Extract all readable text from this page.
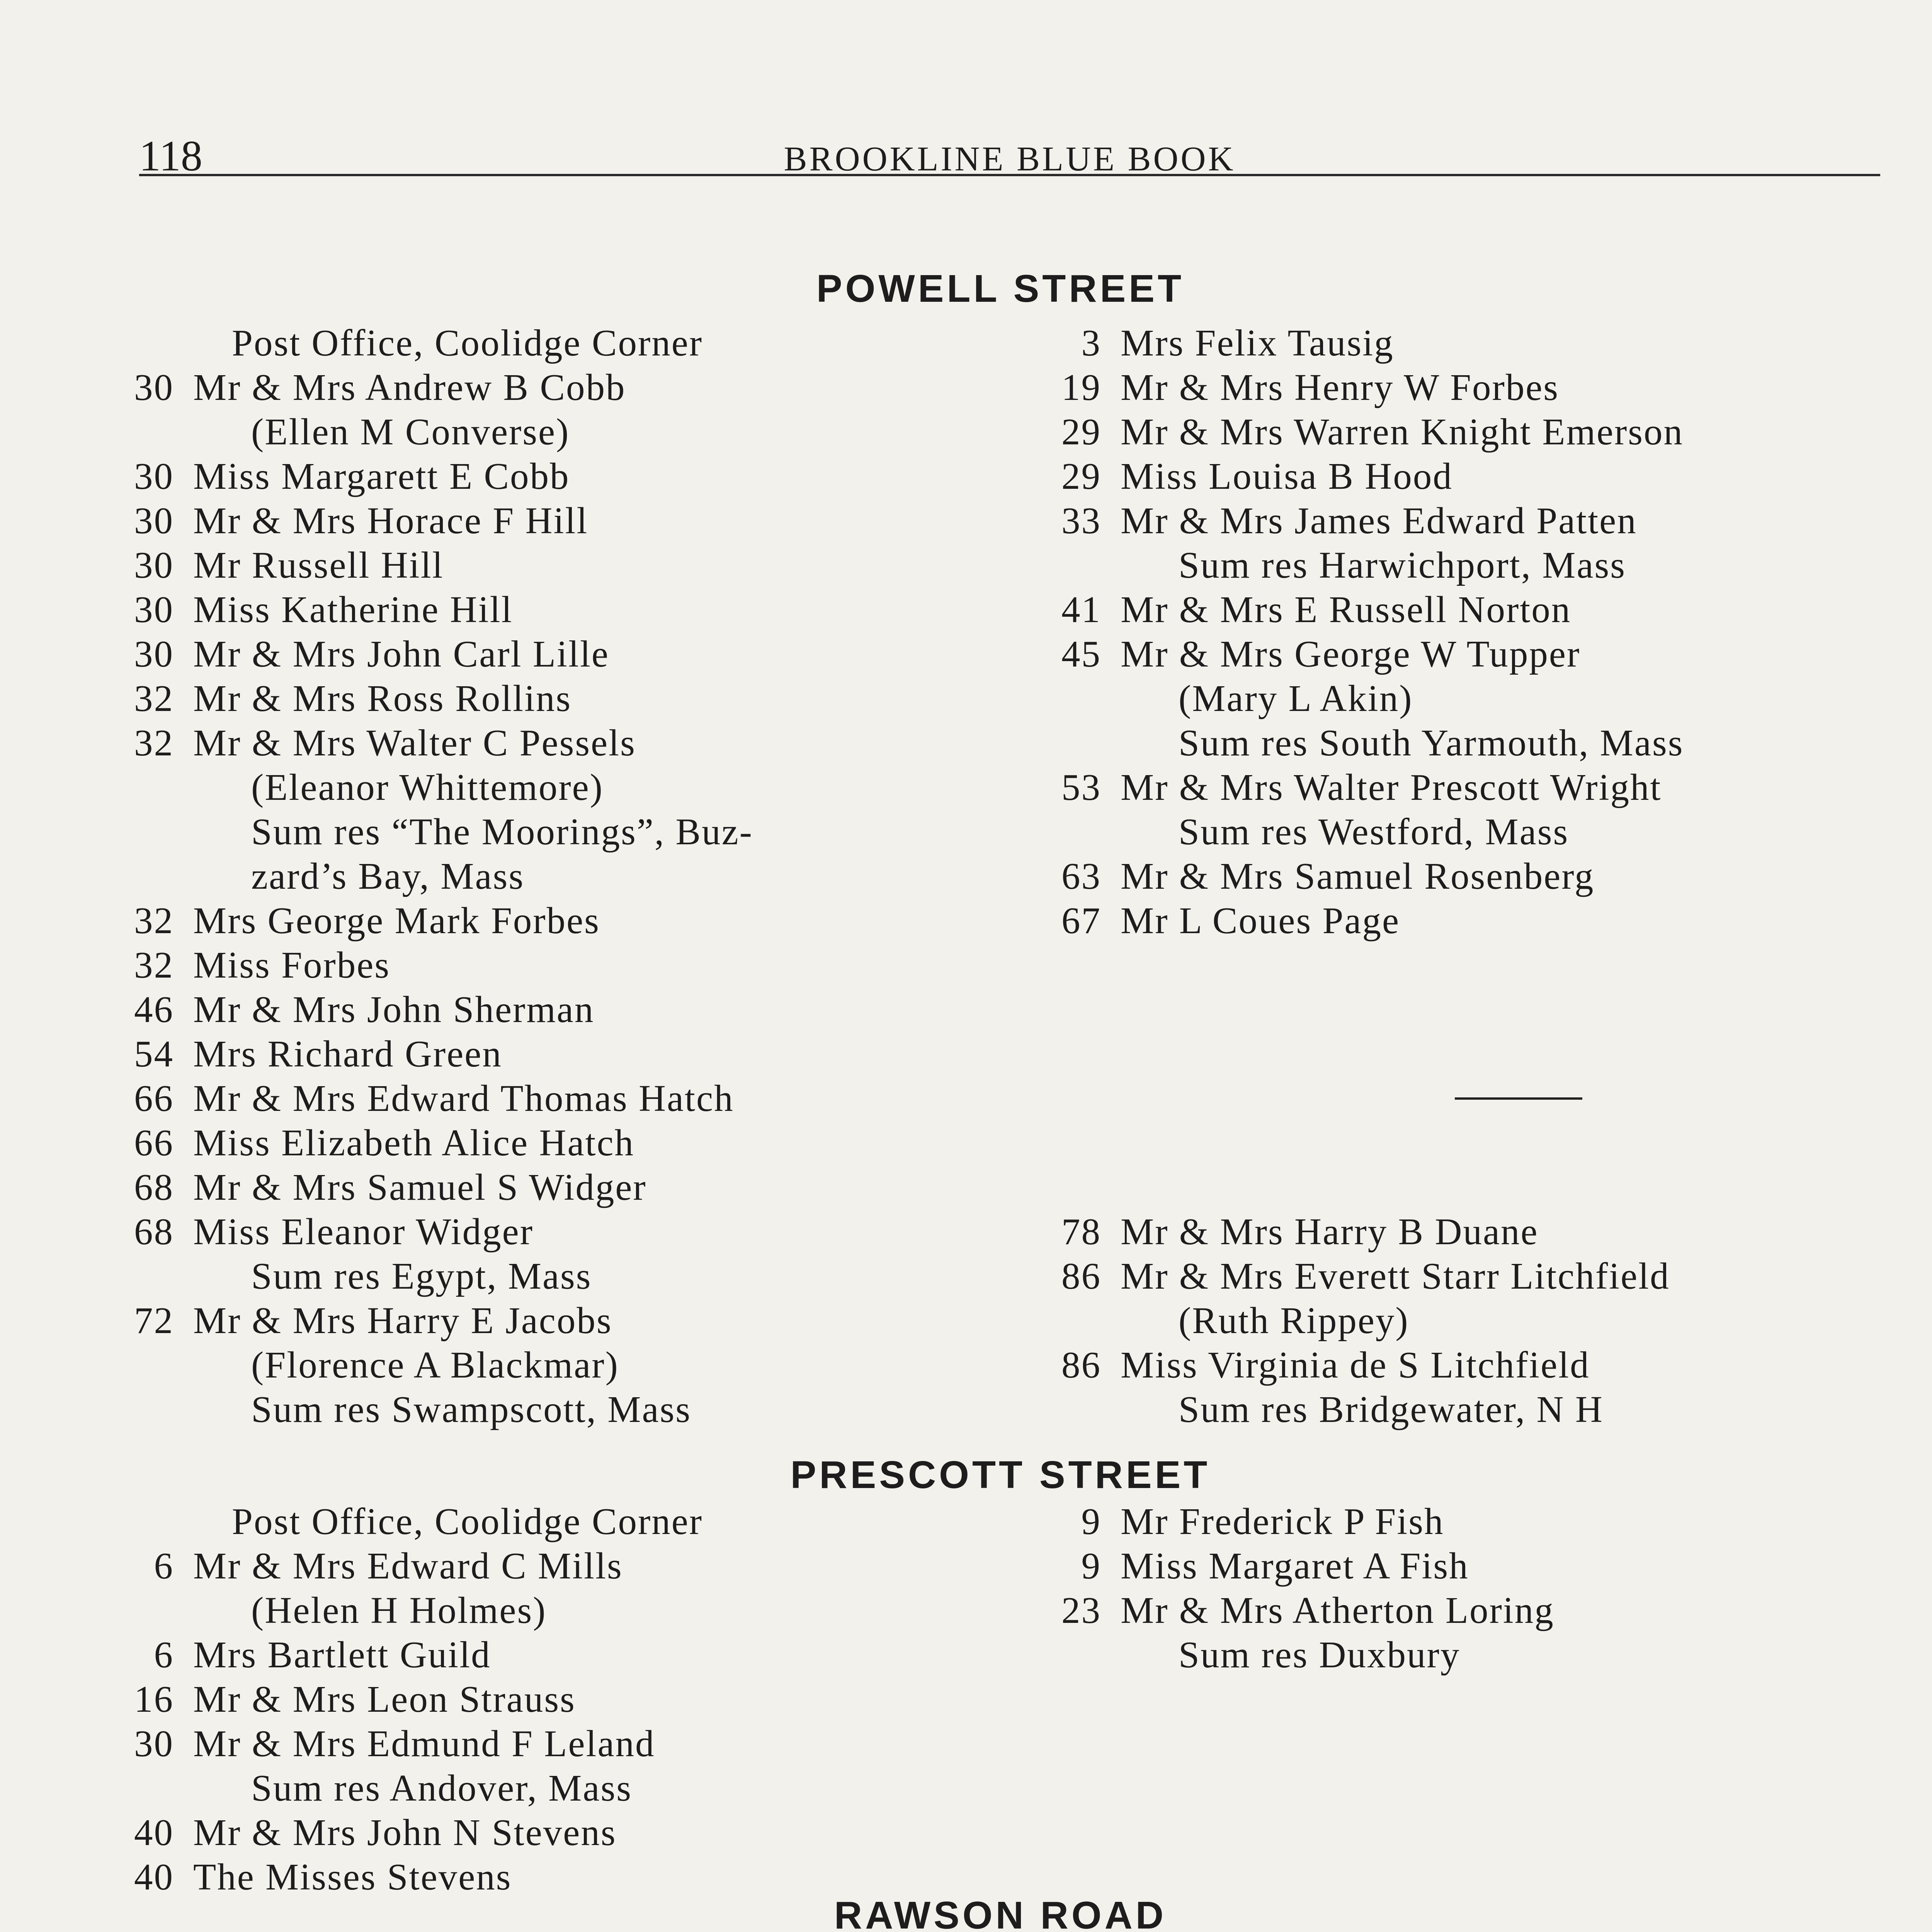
118	BROOKLINE BLUE BOOK
POWELL STREET
Post Office, Coolidge Corner
30 Mr & Mrs Andrew B Cobb
(Ellen M Converse)
30 Miss Margarett E Cobb
30 Mr & Mrs Horace F Hill
30 Mr Russell Hill
30 Miss Katherine Hill
30 Mr & Mrs John Carl Lille
32 Mr & Mrs Ross Rollins
32 Mr & Mrs Walter C Pessels
(Eleanor Whittemore)
Sum res “The Moorings”, Buz-
zard’s Bay, Mass
32 Mrs George Mark Forbes
32 Miss Forbes
46 Mr & Mrs John Sherman
54 Mrs Richard Green
66 Mr & Mrs Edward Thomas Hatch
66 Miss Elizabeth Alice Hatch
68 Mr & Mrs Samuel S Widger
68 Miss Eleanor Widger
Sum res Egypt, Mass
72 Mr & Mrs Harry E Jacobs
(Florence A Blackmar)
Sum res Swampscott, Mass
3 Mrs Felix Tausig
19 Mr & Mrs Henry W Forbes
29 Mr & Mrs Warren Knight Emerson
29 Miss Louisa B Hood
33 Mr & Mrs James Edward Patten
Sum res Harwichport, Mass
41 Mr & Mrs E Russell Norton
45 Mr & Mrs George W Tupper
(Mary L Akin)
Sum res South Yarmouth, Mass
53 Mr & Mrs Walter Prescott Wright
Sum res Westford, Mass
63 Mr & Mrs Samuel Rosenberg
67 Mr L Coues Page
78 Mr & Mrs Harry B Duane
86 Mr & Mrs Everett Starr Litchfield
(Ruth Rippey)
86 Miss Virginia de S Litchfield
Sum res Bridgewater, N H
PRESCOTT STREET
Post Office, Coolidge Corner
6 Mr & Mrs Edward C Mills
(Helen H Holmes)
6 Mrs Bartlett Guild
16 Mr & Mrs Leon Strauss
30 Mr & Mrs Edmund F Leland
Sum res Andover, Mass
40 Mr & Mrs John N Stevens
40 The Misses Stevens
9 Mr Frederick P Fish
9 Miss Margaret A Fish
23 Mr & Mrs Atherton Loring
Sum res Duxbury
RAWSON ROAD
